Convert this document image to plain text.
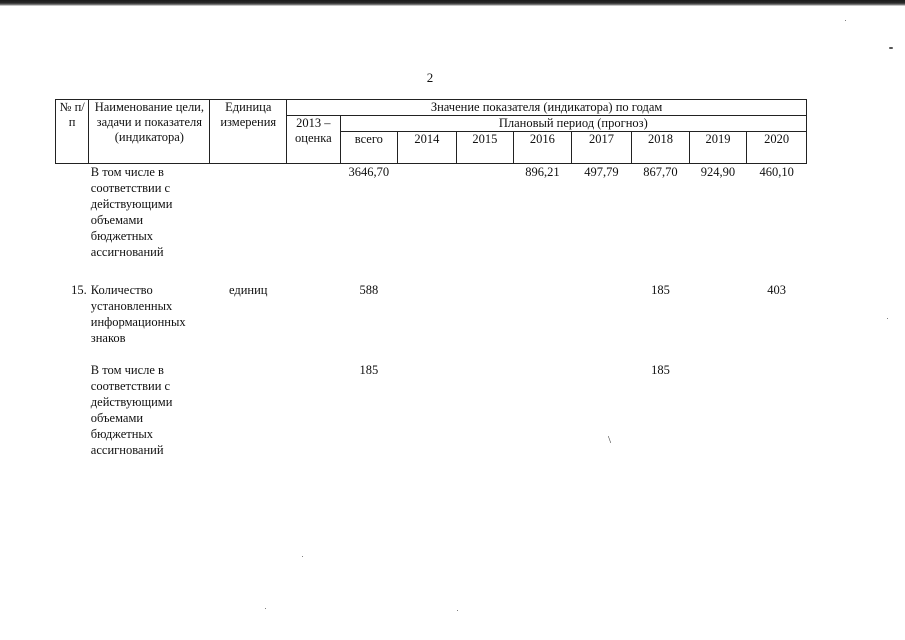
\
2
№ п/п	Наименование цели, задачи и показателя (индикатора)	Единица измерения	Значение показателя (индикатора) по годам								
			2013 – оценка	Плановый период (прогноз)							
				всего	2014	2015	2016	2017	2018	2019	2020
	В том числе в соответствии с действующими объемами бюджетных ассигнований			3646,70			896,21	497,79	867,70	924,90	460,10
15.	Количество установленных информационных знаков	единиц		588					185		403
	В том числе в соответствии с действующими объемами бюджетных ассигнований			185					185		
